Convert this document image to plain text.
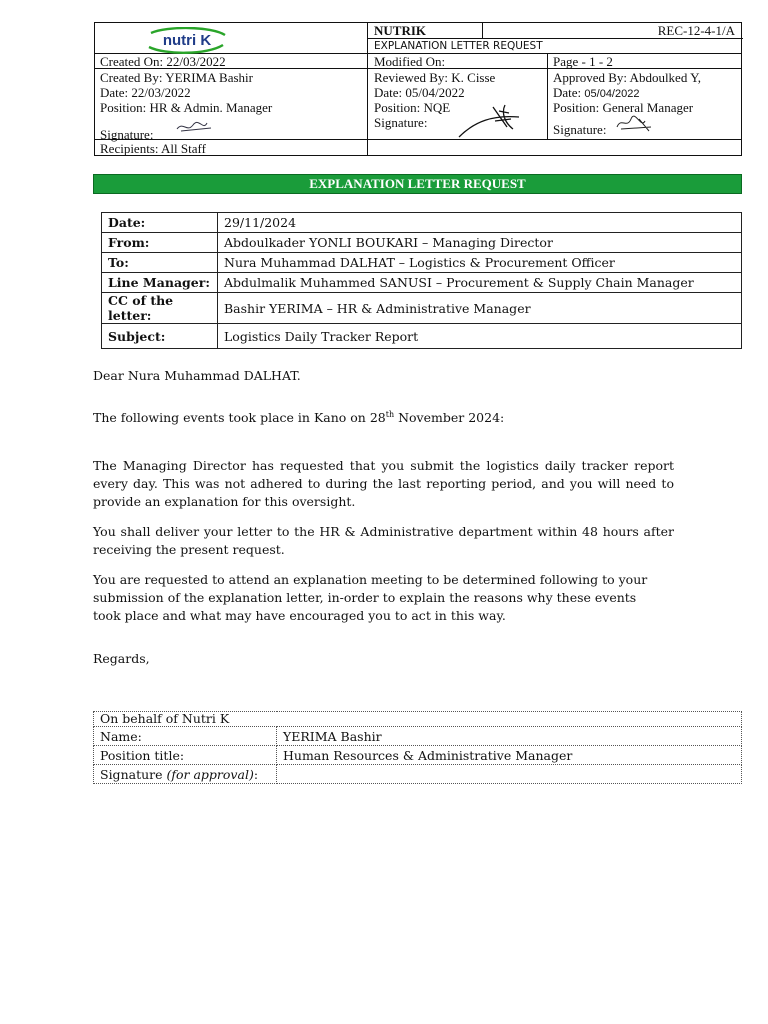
nutri K
NUTRIK	REC-12-4-1/A
EXPLANATION LETTER REQUEST
Created On: 22/03/2022	Modified On:	Page - 1 - 2
Created By: YERIMA Bashir
Date: 22/03/2022
Position: HR & Admin. Manager
Signature:
Reviewed By: K. Cisse
Date: 05/04/2022
Position: NQE
Signature:
Approved By: Abdoulked Y,
Date: 05/04/2022
Position: General Manager
Signature:
Recipients: All Staff
EXPLANATION LETTER REQUEST
Date:	29/11/2024
From:	Abdoulkader YONLI BOUKARI – Managing Director
To:	Nura Muhammad DALHAT – Logistics & Procurement Officer
Line Manager:	Abdulmalik Muhammed SANUSI – Procurement & Supply Chain Manager
CC of the letter:	Bashir YERIMA – HR & Administrative Manager
Subject:	Logistics Daily Tracker Report

Dear Nura Muhammad DALHAT.

The following events took place in Kano on 28th November 2024:

The Managing Director has requested that you submit the logistics daily tracker report every day. This was not adhered to during the last reporting period, and you will need to provide an explanation for this oversight.

You shall deliver your letter to the HR & Administrative department within 48 hours after receiving the present request.

You are requested to attend an explanation meeting to be determined following to your
submission of the explanation letter, in-order to explain the reasons why these events
took place and what may have encouraged you to act in this way.

Regards,

On behalf of Nutri K	
Name:	YERIMA Bashir
Position title:	Human Resources & Administrative Manager
Signature (for approval):	
